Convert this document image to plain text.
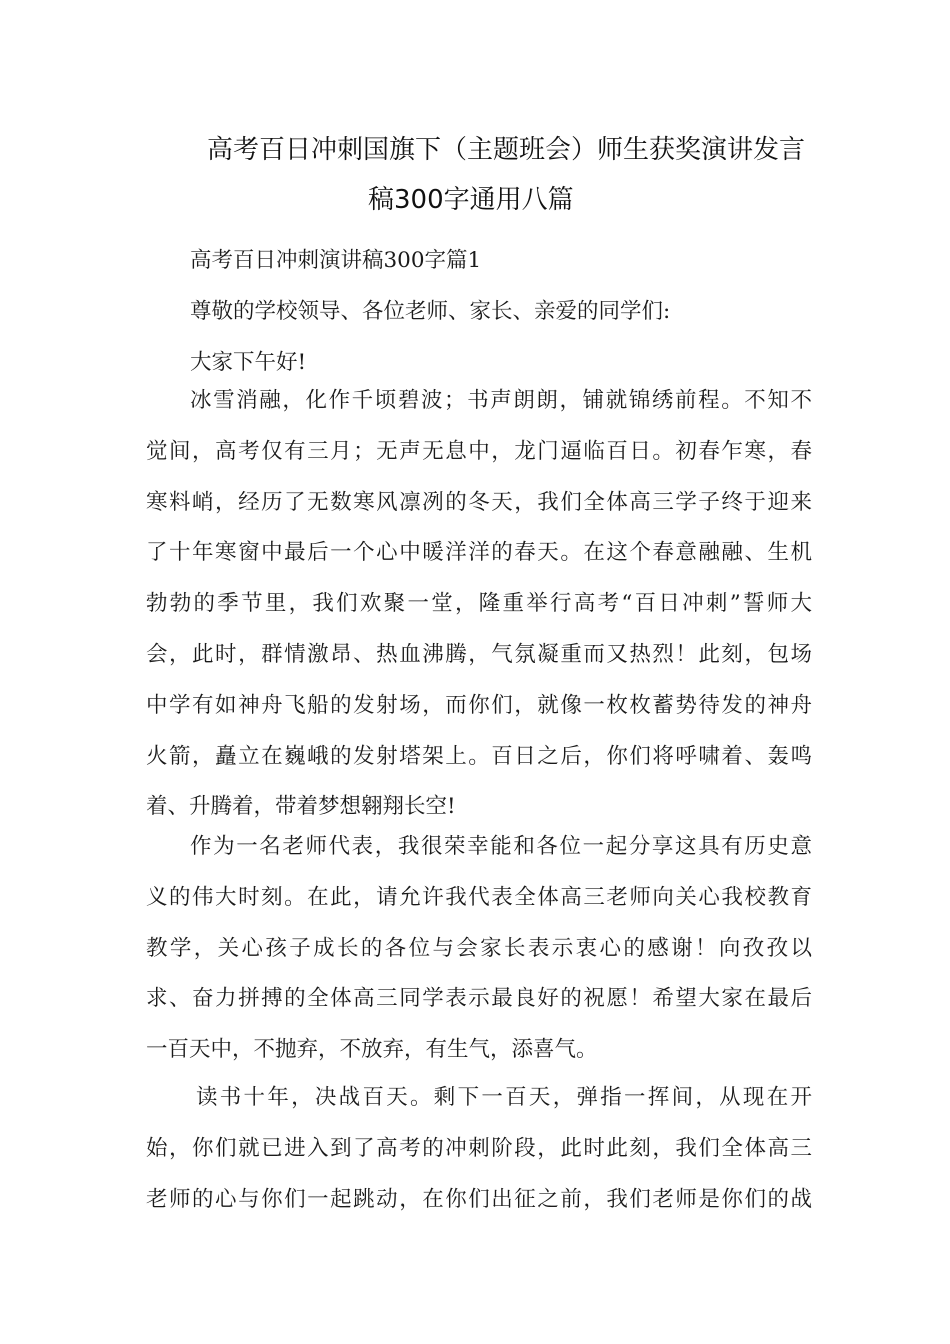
高考百日冲刺国旗下（主题班会）师生获奖演讲发言
稿300字通用八篇
高考百日冲刺演讲稿300字篇1
尊敬的学校领导、各位老师、家长、亲爱的同学们:
大家下午好!
冰雪消融，化作千顷碧波；书声朗朗，铺就锦绣前程。不知不
觉间，高考仅有三月；无声无息中，龙门逼临百日。初春乍寒，春
寒料峭，经历了无数寒风凛冽的冬天，我们全体高三学子终于迎来
了十年寒窗中最后一个心中暖洋洋的春天。在这个春意融融、生机
勃勃的季节里，我们欢聚一堂，隆重举行高考“百日冲刺”誓师大
会，此时，群情激昂、热血沸腾，气氛凝重而又热烈！此刻，包场
中学有如神舟飞船的发射场，而你们，就像一枚枚蓄势待发的神舟
火箭，矗立在巍峨的发射塔架上。百日之后，你们将呼啸着、轰鸣
着、升腾着，带着梦想翱翔长空!
作为一名老师代表，我很荣幸能和各位一起分享这具有历史意
义的伟大时刻。在此，请允许我代表全体高三老师向关心我校教育
教学，关心孩子成长的各位与会家长表示衷心的感谢！向孜孜以
求、奋力拼搏的全体高三同学表示最良好的祝愿！希望大家在最后
一百天中，不抛弃，不放弃，有生气，添喜气。
读书十年，决战百天。剩下一百天，弹指一挥间，从现在开
始，你们就已进入到了高考的冲刺阶段，此时此刻，我们全体高三
老师的心与你们一起跳动，在你们出征之前，我们老师是你们的战
